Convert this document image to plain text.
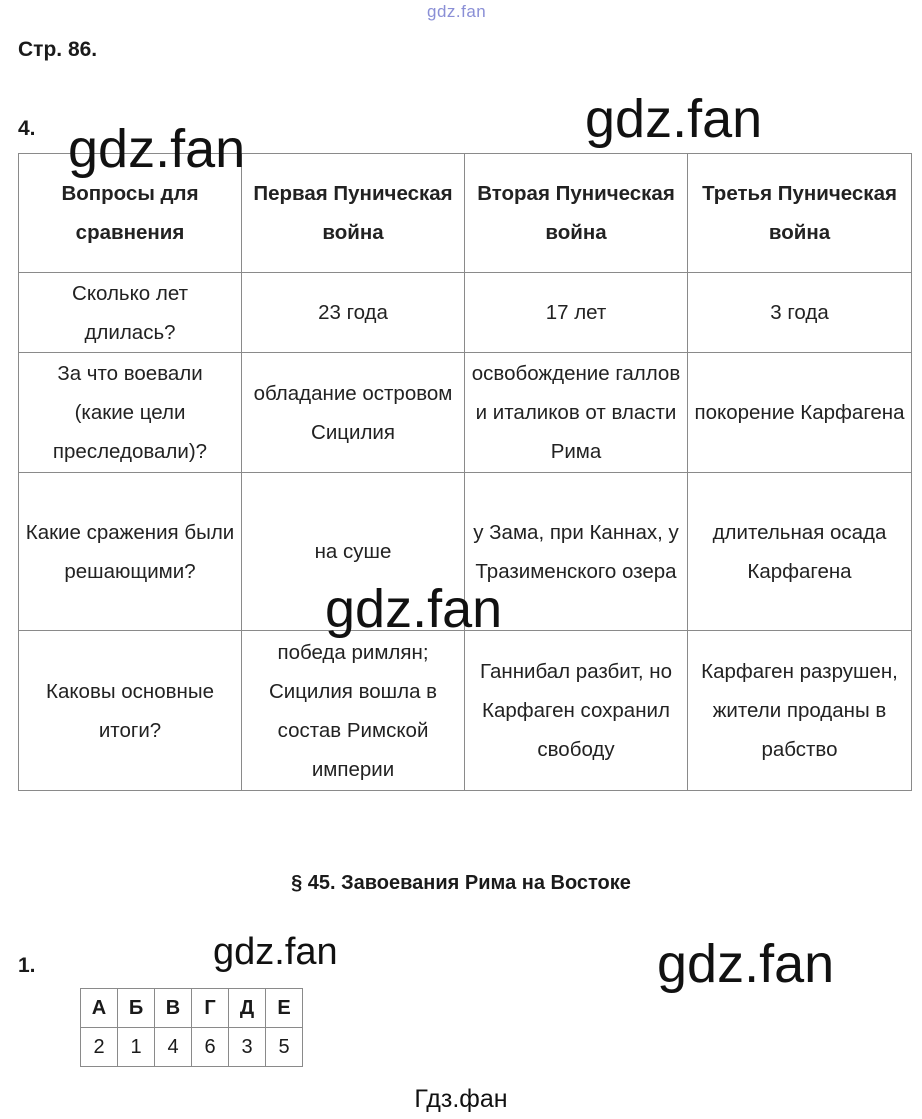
gdz.fan
Стр. 86.
4.
Вопросы для сравнения	Первая Пуническая война	Вторая Пуническая война	Третья Пуническая война
Сколько лет длилась?	23 года	17 лет	3 года
За что воевали (какие цели преследовали)?	обладание островом Сицилия	освобождение галлов и италиков от власти Рима	покорение Карфагена
Какие сражения были решающими?	на суше	у Зама, при Каннах, у Тразименского озера	длительная осада Карфагена
Каковы основные итоги?	победа римлян; Сицилия вошла в состав Римской империи	Ганнибал разбит, но Карфаген сохранил свободу	Карфаген разрушен, жители проданы в рабство
gdz.fan	gdz.fan
gdz.fan
§ 45. Завоевания Рима на Востоке
1.	gdz.fan	gdz.fan
А	Б	В	Г	Д	Е
2	1	4	6	3	5
Гдз.фан
